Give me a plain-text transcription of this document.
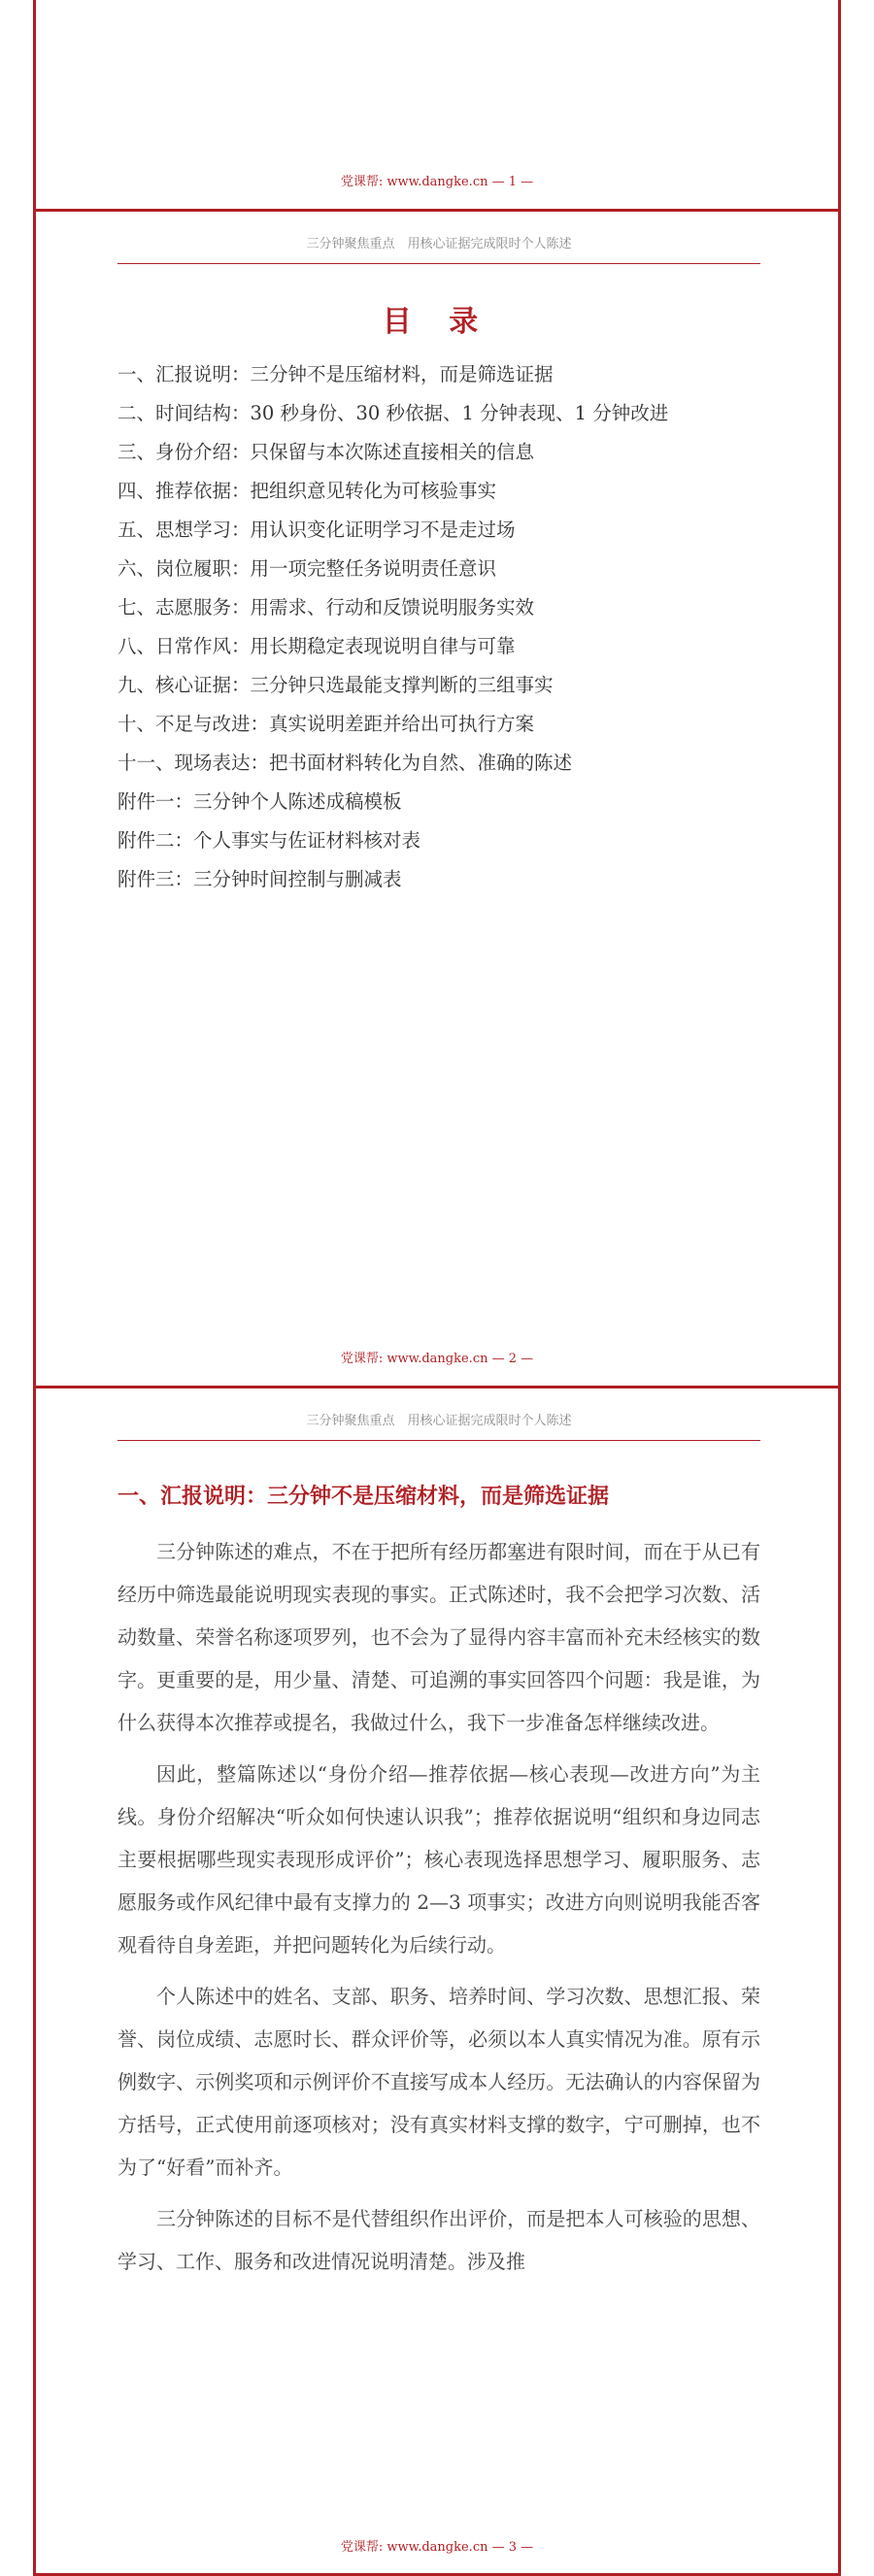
党课帮: www.dangke.cn — 1 —
三分钟聚焦重点　用核心证据完成限时个人陈述
目 录
一、汇报说明：三分钟不是压缩材料，而是筛选证据
二、时间结构：30 秒身份、30 秒依据、1 分钟表现、1 分钟改进
三、身份介绍：只保留与本次陈述直接相关的信息
四、推荐依据：把组织意见转化为可核验事实
五、思想学习：用认识变化证明学习不是走过场
六、岗位履职：用一项完整任务说明责任意识
七、志愿服务：用需求、行动和反馈说明服务实效
八、日常作风：用长期稳定表现说明自律与可靠
九、核心证据：三分钟只选最能支撑判断的三组事实
十、不足与改进：真实说明差距并给出可执行方案
十一、现场表达：把书面材料转化为自然、准确的陈述
附件一：三分钟个人陈述成稿模板
附件二：个人事实与佐证材料核对表
附件三：三分钟时间控制与删减表
党课帮: www.dangke.cn — 2 —
三分钟聚焦重点　用核心证据完成限时个人陈述
一、汇报说明：三分钟不是压缩材料，而是筛选证据

三分钟陈述的难点，不在于把所有经历都塞进有限时间，而在于从已有经历中筛选最能说明现实表现的事实。正式陈述时，我不会把学习次数、活动数量、荣誉名称逐项罗列，也不会为了显得内容丰富而补充未经核实的数字。更重要的是，用少量、清楚、可追溯的事实回答四个问题：我是谁，为什么获得本次推荐或提名，我做过什么，我下一步准备怎样继续改进。

因此，整篇陈述以“身份介绍—推荐依据—核心表现—改进方向”为主线。身份介绍解决“听众如何快速认识我”；推荐依据说明“组织和身边同志主要根据哪些现实表现形成评价”；核心表现选择思想学习、履职服务、志愿服务或作风纪律中最有支撑力的 2—3 项事实；改进方向则说明我能否客观看待自身差距，并把问题转化为后续行动。

个人陈述中的姓名、支部、职务、培养时间、学习次数、思想汇报、荣誉、岗位成绩、志愿时长、群众评价等，必须以本人真实情况为准。原有示例数字、示例奖项和示例评价不直接写成本人经历。无法确认的内容保留为方括号，正式使用前逐项核对；没有真实材料支撑的数字，宁可删掉，也不为了“好看”而补齐。

三分钟陈述的目标不是代替组织作出评价，而是把本人可核验的思想、学习、工作、服务和改进情况说明清楚。涉及推

党课帮: www.dangke.cn — 3 —
